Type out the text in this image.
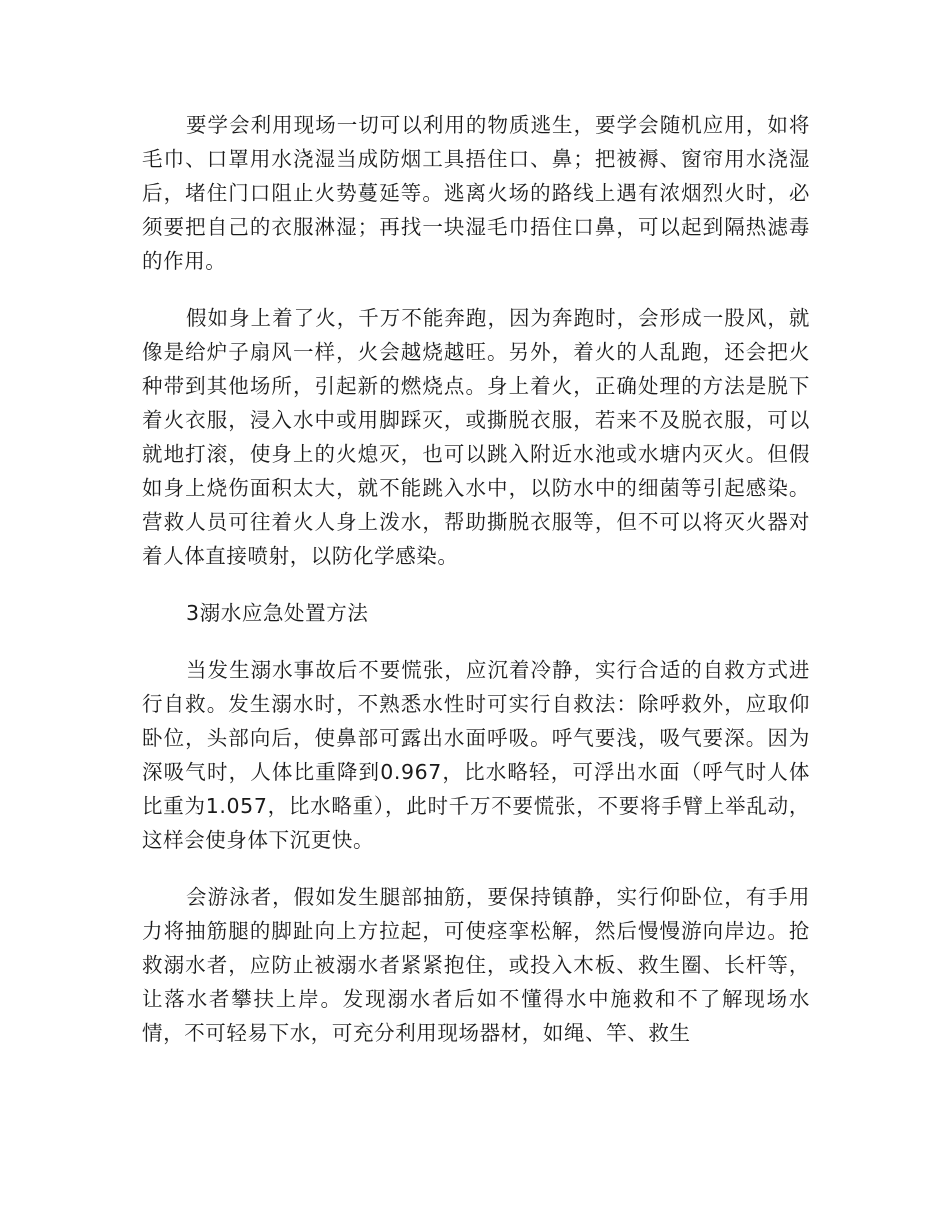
要学会利用现场一切可以利用的物质逃生，要学会随机应用，如将毛巾、口罩用水浇湿当成防烟工具捂住口、鼻；把被褥、窗帘用水浇湿后，堵住门口阻止火势蔓延等。逃离火场的路线上遇有浓烟烈火时，必须要把自己的衣服淋湿；再找一块湿毛巾捂住口鼻，可以起到隔热滤毒的作用。

假如身上着了火，千万不能奔跑，因为奔跑时，会形成一股风，就像是给炉子扇风一样，火会越烧越旺。另外，着火的人乱跑，还会把火种带到其他场所，引起新的燃烧点。身上着火，正确处理的方法是脱下着火衣服，浸入水中或用脚踩灭，或撕脱衣服，若来不及脱衣服，可以就地打滚，使身上的火熄灭，也可以跳入附近水池或水塘内灭火。但假如身上烧伤面积太大，就不能跳入水中，以防水中的细菌等引起感染。营救人员可往着火人身上泼水，帮助撕脱衣服等，但不可以将灭火器对着人体直接喷射，以防化学感染。

3溺水应急处置方法

当发生溺水事故后不要慌张，应沉着冷静，实行合适的自救方式进行自救。发生溺水时，不熟悉水性时可实行自救法：除呼救外，应取仰卧位，头部向后，使鼻部可露出水面呼吸。呼气要浅，吸气要深。因为深吸气时，人体比重降到0.967，比水略轻，可浮出水面（呼气时人体比重为1.057，比水略重），此时千万不要慌张，不要将手臂上举乱动，这样会使身体下沉更快。

会游泳者，假如发生腿部抽筋，要保持镇静，实行仰卧位，有手用力将抽筋腿的脚趾向上方拉起，可使痉挛松解，然后慢慢游向岸边。抢救溺水者，应防止被溺水者紧紧抱住，或投入木板、救生圈、长杆等，让落水者攀扶上岸。发现溺水者后如不懂得水中施救和不了解现场水情，不可轻易下水，可充分利用现场器材，如绳、竿、救生
